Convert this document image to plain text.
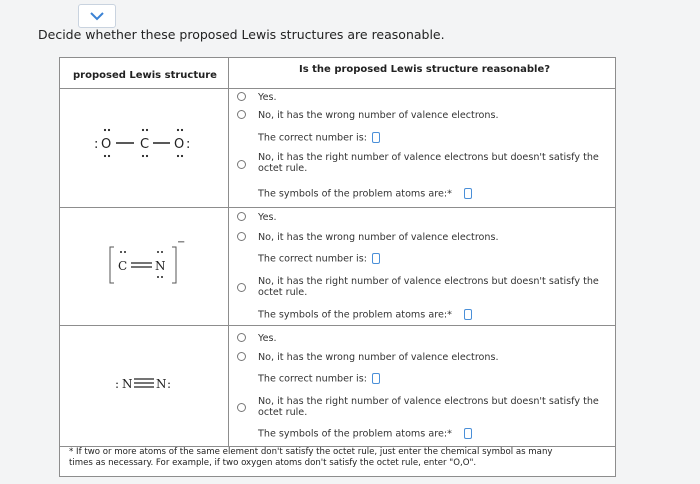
Decide whether these proposed Lewis structures are reasonable.
proposed Lewis structure
Is the proposed Lewis structure reasonable?
: O C O :
Yes.
No, it has the wrong number of valence electrons.
The correct number is:
No, it has the right number of valence electrons but doesn't satisfy the
octet rule.
The symbols of the problem atoms are:*
C N
−
Yes.
No, it has the wrong number of valence electrons.
The correct number is:
No, it has the right number of valence electrons but doesn't satisfy the
octet rule.
The symbols of the problem atoms are:*
: N N :
Yes.
No, it has the wrong number of valence electrons.
The correct number is:
No, it has the right number of valence electrons but doesn't satisfy the
octet rule.
The symbols of the problem atoms are:*
* If two or more atoms of the same element don't satisfy the octet rule, just enter the chemical symbol as many
times as necessary. For example, if two oxygen atoms don't satisfy the octet rule, enter "O,O".
